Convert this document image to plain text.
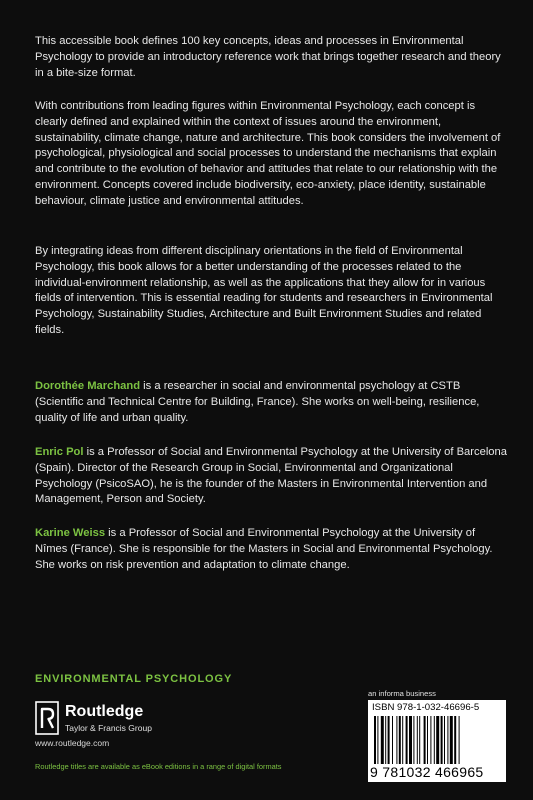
This accessible book defines 100 key concepts, ideas and processes in Environmental Psychology to provide an introductory reference work that brings together research and theory in a bite-size format.

With contributions from leading figures within Environmental Psychology, each concept is clearly defined and explained within the context of issues around the environment, sustainability, climate change, nature and architecture. This book considers the involvement of psychological, physiological and social processes to understand the mechanisms that explain and contribute to the evolution of behavior and attitudes that relate to our relationship with the environment. Concepts covered include biodiversity, eco-anxiety, place identity, sustainable behaviour, climate justice and environmental attitudes.

By integrating ideas from different disciplinary orientations in the field of Environmental Psychology, this book allows for a better understanding of the processes related to the individual-environment relationship, as well as the applications that they allow for in various fields of intervention. This is essential reading for students and researchers in Environmental Psychology, Sustainability Studies, Architecture and Built Environment Studies and related fields.

Dorothée Marchand is a researcher in social and environmental psychology at CSTB (Scientific and Technical Centre for Building, France). She works on well-being, resilience, quality of life and urban quality.

Enric Pol is a Professor of Social and Environmental Psychology at the University of Barcelona (Spain). Director of the Research Group in Social, Environmental and Organizational Psychology (PsicoSAO), he is the founder of the Masters in Environmental Intervention and Management, Person and Society.

Karine Weiss is a Professor of Social and Environmental Psychology at the University of Nîmes (France). She is responsible for the Masters in Social and Environmental Psychology. She works on risk prevention and adaptation to climate change.

ENVIRONMENTAL PSYCHOLOGY
Routledge
Taylor & Francis Group
www.routledge.com
Routledge titles are available as eBook editions in a range of digital formats
an informa business
ISBN 978-1-032-46696-5
9 781032 466965
